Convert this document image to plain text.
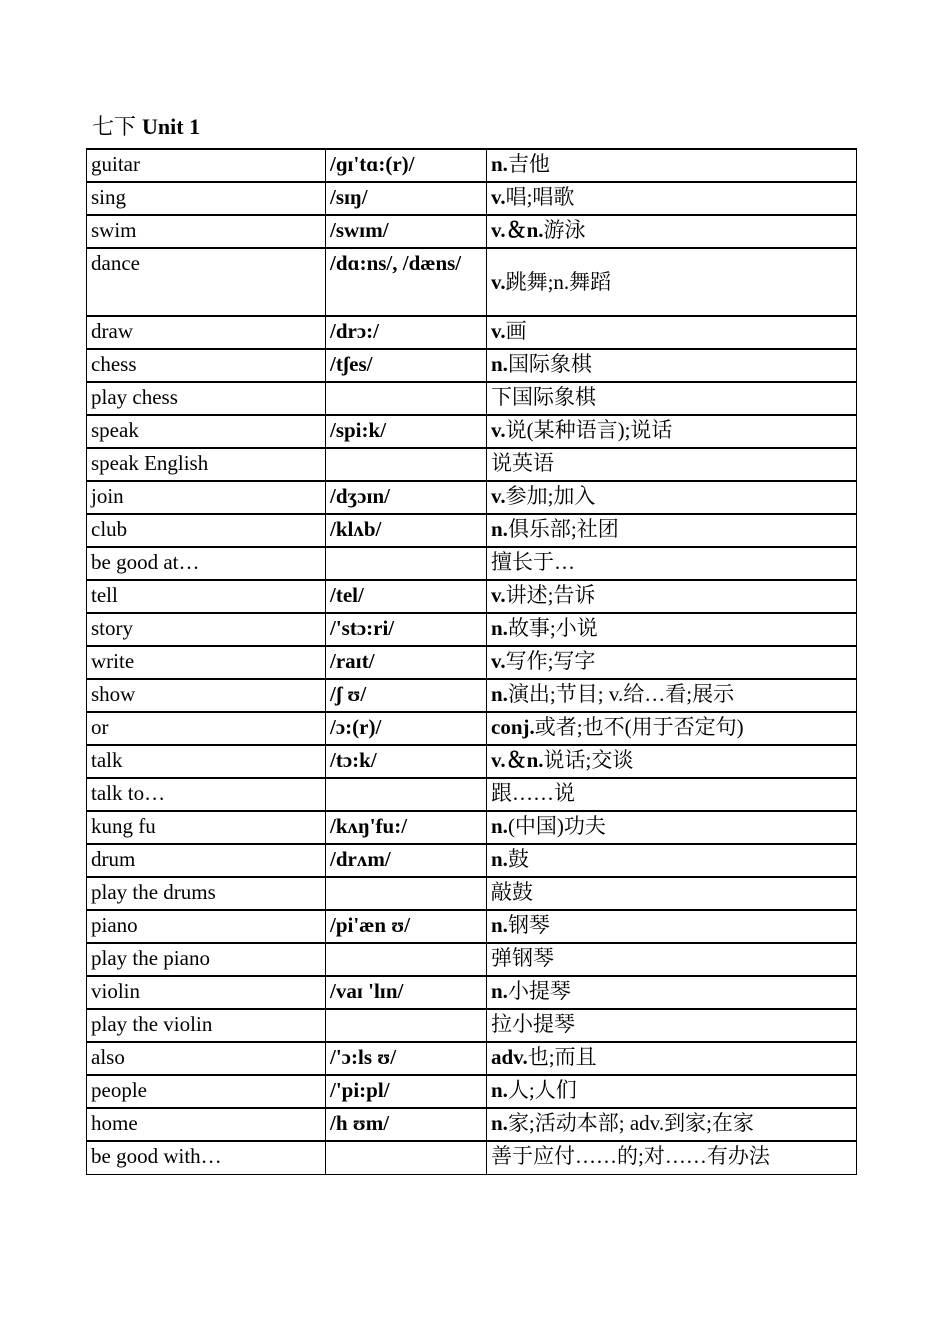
七下 Unit 1
guitar	/ɡɪ'tɑ:(r)/	n.吉他
sing	/sɪŋ/	v.唱;唱歌
swim	/swɪm/	v.＆n.游泳
dance	/dɑ:ns/, /dæns/	v.跳舞;n.舞蹈
draw	/drɔ:/	v.画
chess	/tʃes/	n.国际象棋
play chess		下国际象棋
speak	/spi:k/	v.说(某种语言);说话
speak English		说英语
join	/dʒɔɪn/	v.参加;加入
club	/klʌb/	n.俱乐部;社团
be good at…		擅长于…
tell	/tel/	v.讲述;告诉
story	/'stɔ:ri/	n.故事;小说
write	/raɪt/	v.写作;写字
show	/ʃ ʊ/	n.演出;节目; v.给…看;展示
or	/ɔ:(r)/	conj.或者;也不(用于否定句)
talk	/tɔ:k/	v.＆n.说话;交谈
talk to…		跟……说
kung fu	/kʌŋ'fu:/	n.(中国)功夫
drum	/drʌm/	n.鼓
play the drums		敲鼓
piano	/pi'æn ʊ/	n.钢琴
play the piano		弹钢琴
violin	/vaɪ 'lɪn/	n.小提琴
play the violin		拉小提琴
also	/'ɔ:ls ʊ/	adv.也;而且
people	/'pi:pl/	n.人;人们
home	/h ʊm/	n.家;活动本部; adv.到家;在家
be good with…		善于应付……的;对……有办法
